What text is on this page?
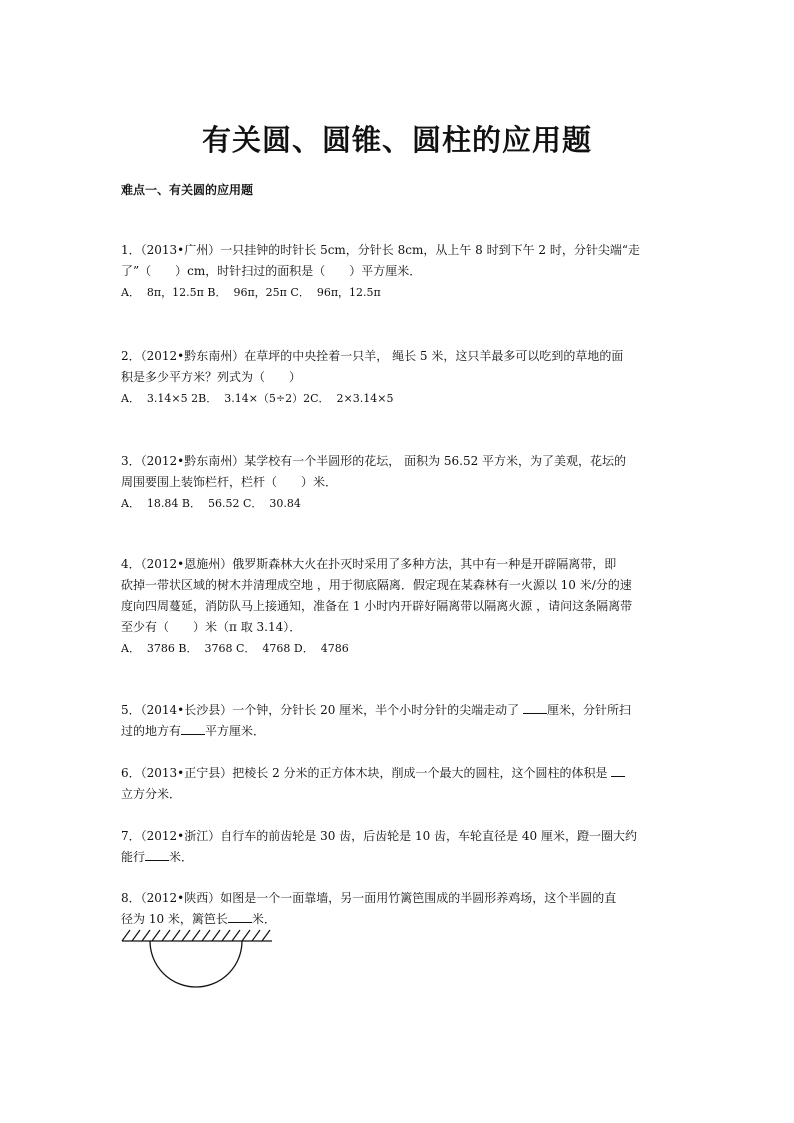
有关圆、圆锥、圆柱的应用题
难点一、有关圆的应用题

1．（2013•广州）一只挂钟的时针长 5cm，分针长 8cm，从上午 8 时到下午 2 时，分针尖端“走

了”（　　）cm，时针扫过的面积是（　　）平方厘米．

A．  8π，12.5π B．  96π，25π C．  96π，12.5π

2．（2012•黔东南州）在草坪的中央拴着一只羊， 绳长 5 米，这只羊最多可以吃到的草地的面

积是多少平方米？列式为（　　）

A．  3.14×5 2B．  3.14×（5÷2）2C．  2×3.14×5

3．（2012•黔东南州）某学校有一个半圆形的花坛， 面积为 56.52 平方米，为了美观，花坛的

周围要围上装饰栏杆，栏杆（　　）米．

A．  18.84 B．  56.52 C．  30.84

4．（2012•恩施州）俄罗斯森林大火在扑灭时采用了多种方法，其中有一种是开辟隔离带，即

砍掉一带状区域的树木并清理成空地 ，用于彻底隔离．假定现在某森林有一火源以 10 米/分的速

度向四周蔓延，消防队马上接通知，准备在 1 小时内开辟好隔离带以隔离火源 ，请问这条隔离带

至少有（　　）米（π 取 3.14）．

A．  3786 B．  3768 C．  4768 D．  4786

5．（2014•长沙县）一个钟，分针长 20 厘米，半个小时分针的尖端走动了 厘米，分针所扫

过的地方有 平方厘米．

6．（2013•正宁县）把棱长 2 分米的正方体木块，削成一个最大的圆柱，这个圆柱的体积是

立方分米．

7．（2012•浙江）自行车的前齿轮是 30 齿，后齿轮是 10 齿，车轮直径是 40 厘米，蹬一圈大约

能行 米．

8．（2012•陕西）如图是一个一面靠墙，另一面用竹篱笆围成的半圆形养鸡场，这个半圆的直

径为 10 米，篱笆长 米．
